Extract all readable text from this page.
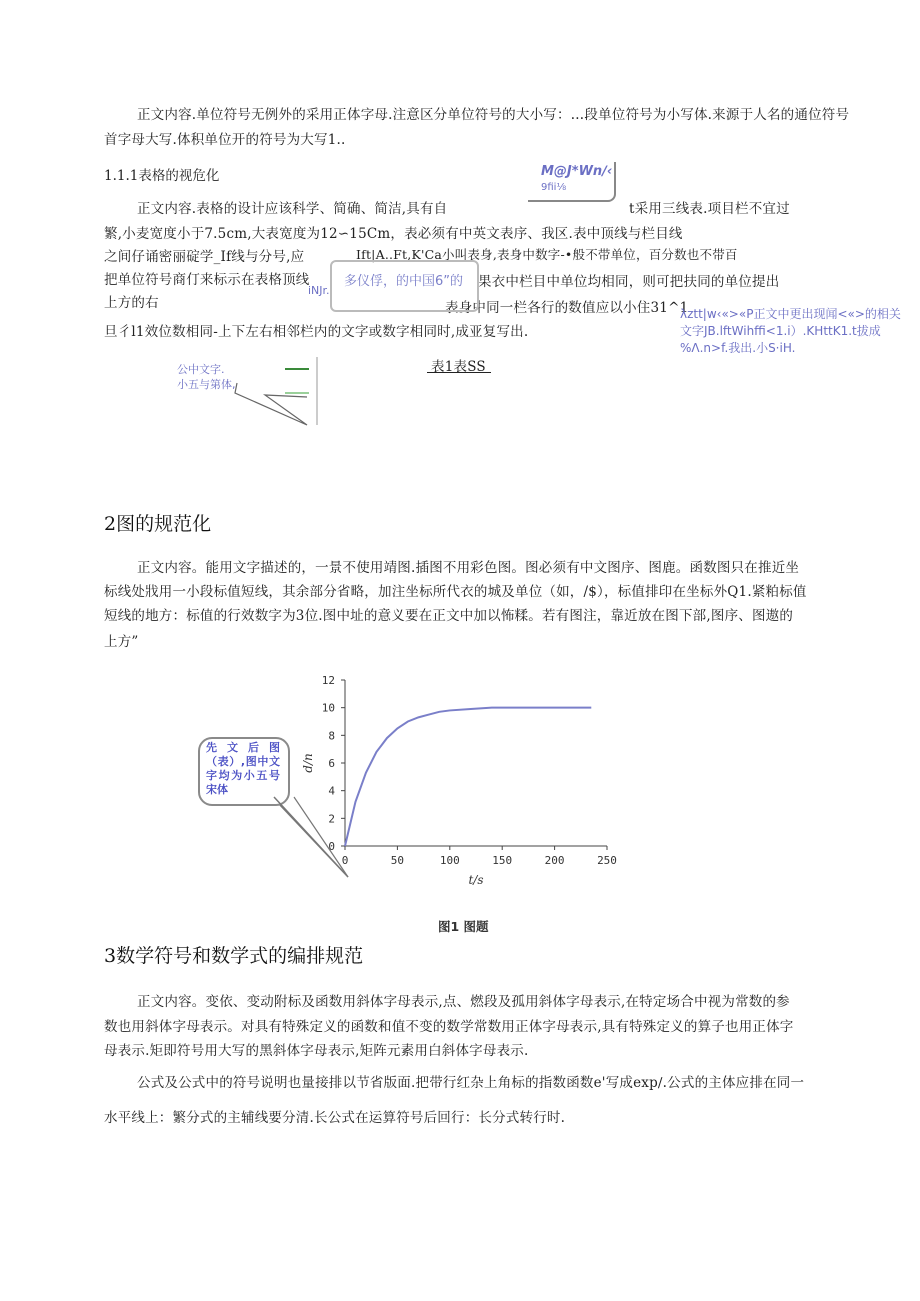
正文内容.单位符号无例外的采用正体字母.注意区分单位符号的大小写：…段单位符号为小写体.来源于人名的通位符号
首字母大写.体积单位开的符号为大写1..
1.1.1表格的视危化
正文内容.表格的设计应该科学、简确、简洁,具有自	t采用三线表.项目栏不宜过
繁,小麦宽度小于7.5cm,大表宽度为12∽15Cm，表必须有中英文表序、我区.表中顶线与栏目线
之间仔诵密丽碇学_If线与分号,应	Ift|A..Ft,K'Ca小叫表身,表身中数字-•般不带单位，百分数也不带百
把单位符号商仃来标示在表格顶线	果衣中栏目中单位均相同，则可把扶同的单位提出
上方的右	表身中同一栏各行的数值应以小住31^1
旦彳l1效位数相同-上下左右相邻栏内的文字或数字相同时,成亚复写出.
M@J*Wn∕‹
9fii⅛
多仪俘，的中国6”的
iNJr.
λztt|w‹«>«P正文中更出现闻<«>的相关
文字JB.lftWihffi<1.i）.KHttK1.t拔成
%Λ.n>f.我出.小S·iH.
公中文字.
小五与第体,
表1表SS
2图的规范化
正文内容。能用文字描述的，一景不使用靖图.插图不用彩色图。图必须有中文图序、图鹿。函数图只在推近坐
标线处戕用一小段标值短线，其余部分省略，加注坐标所代衣的城及单位（如，/$），标值排印在坐标外Q1.紧粕标值
短线的地方：标值的行效数字为3位.图中址的意义要在正文中加以怖糅。若有图注，靠近放在图下部,图序、图遨的
上方”
0
2
4
6
8
10
12
0	50	100	150	200	250
t/s
d/n
先文后图（表）,图中文字均为小五号宋体
图1 图题
3数学符号和数学式的编排规范
正文内容。变依、变动附标及函数用斜体字母表示,点、燃段及孤用斜体字母表示,在特定场合中视为常数的参
数也用斜体字母表示。对具有特殊定义的函数和值不变的数学常数用正体字母表示,具有特殊定义的算子也用正体字
母表示.矩即符号用大写的黑斜体字母表示,矩阵元素用白斜体字母表示.
公式及公式中的符号说明也量接排以节省版面.把带行红杂上角标的指数函数e'写成exp∕.公式的主体应排在同一
水平线上：繁分式的主辅线要分清.长公式在运算符号后回行：长分式转行时.
